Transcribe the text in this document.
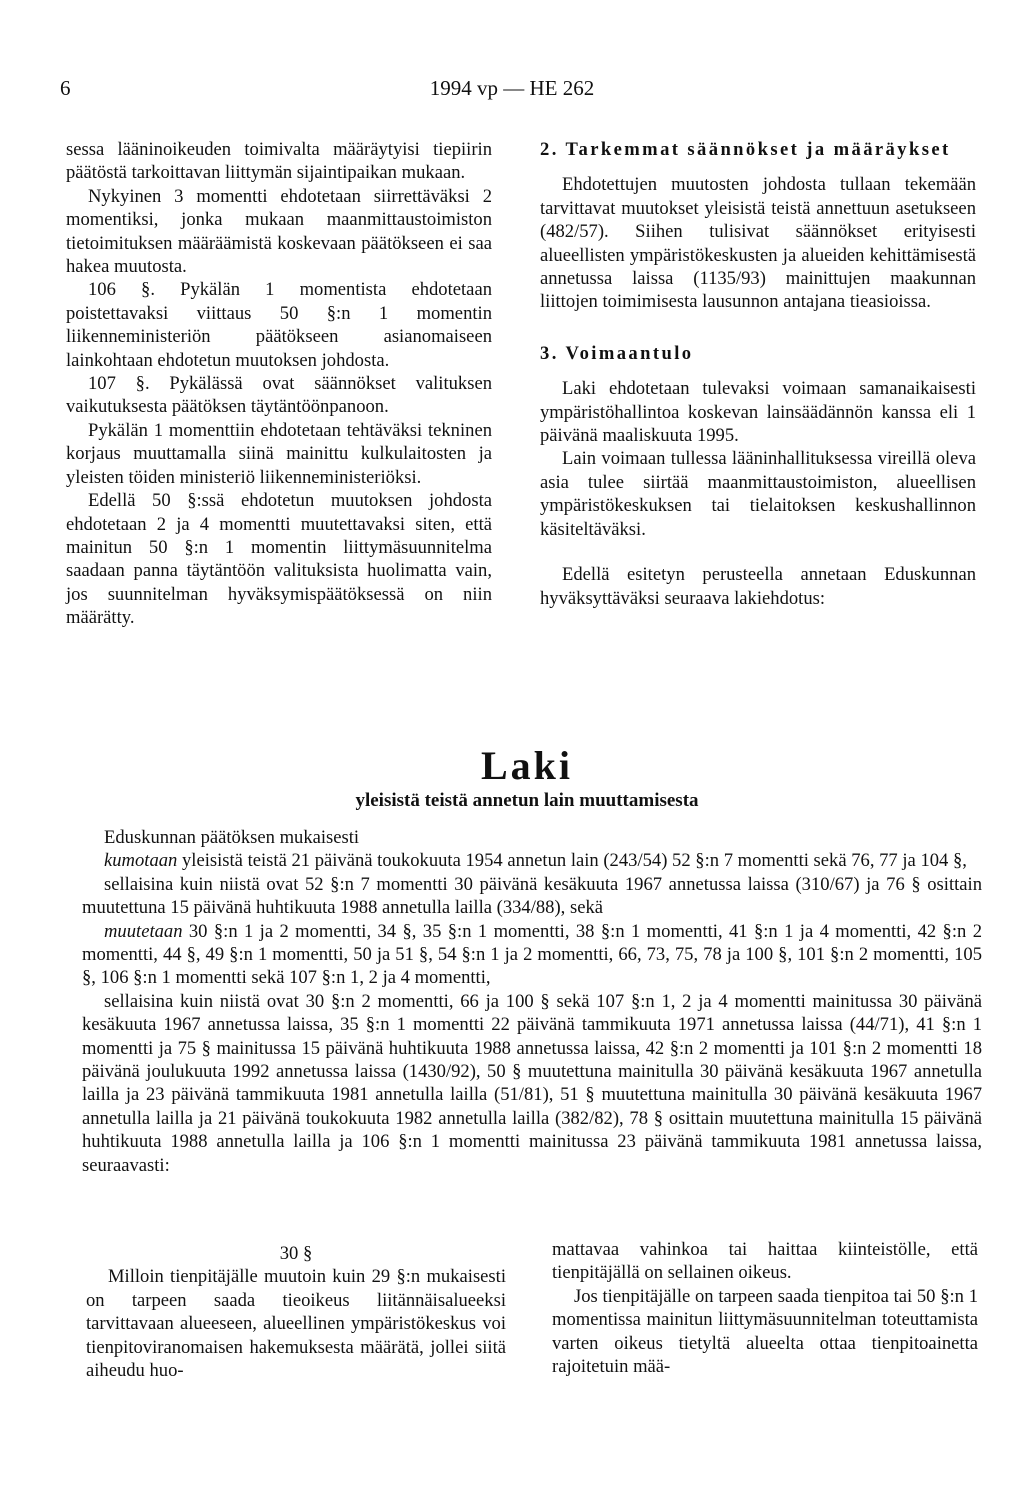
6	1994 vp — HE 262

sessa lääninoikeuden toimivalta määräytyisi tiepiirin päätöstä tarkoittavan liittymän sijaintipaikan mukaan.

Nykyinen 3 momentti ehdotetaan siirrettäväksi 2 momentiksi, jonka mukaan maanmittaustoimiston tietoimituksen määräämistä koskevaan päätökseen ei saa hakea muutosta.

106 §. Pykälän 1 momentista ehdotetaan poistettavaksi viittaus 50 §:n 1 momentin liikenneministeriön päätökseen asianomaiseen lainkohtaan ehdotetun muutoksen johdosta.

107 §. Pykälässä ovat säännökset valituksen vaikutuksesta päätöksen täytäntöönpanoon.

Pykälän 1 momenttiin ehdotetaan tehtäväksi tekninen korjaus muuttamalla siinä mainittu kulkulaitosten ja yleisten töiden ministeriö liikenneministeriöksi.

Edellä 50 §:ssä ehdotetun muutoksen johdosta ehdotetaan 2 ja 4 momentti muutettavaksi siten, että mainitun 50 §:n 1 momentin liittymäsuunnitelma saadaan panna täytäntöön valituksista huolimatta vain, jos suunnitelman hyväksymispäätöksessä on niin määrätty.

2. Tarkemmat säännökset ja määräykset

Ehdotettujen muutosten johdosta tullaan tekemään tarvittavat muutokset yleisistä teistä annettuun asetukseen (482/57). Siihen tulisivat säännökset erityisesti alueellisten ympäristökeskusten ja alueiden kehittämisestä annetussa laissa (1135/93) mainittujen maakunnan liittojen toimimisesta lausunnon antajana tieasioissa.

3. Voimaantulo

Laki ehdotetaan tulevaksi voimaan samanaikaisesti ympäristöhallintoa koskevan lainsäädännön kanssa eli 1 päivänä maaliskuuta 1995.

Lain voimaan tullessa lääninhallituksessa vireillä oleva asia tulee siirtää maanmittaustoimiston, alueellisen ympäristökeskuksen tai tielaitoksen keskushallinnon käsiteltäväksi.

Edellä esitetyn perusteella annetaan Eduskunnan hyväksyttäväksi seuraava lakiehdotus:

Laki
yleisistä teistä annetun lain muuttamisesta

Eduskunnan päätöksen mukaisesti

kumotaan yleisistä teistä 21 päivänä toukokuuta 1954 annetun lain (243/54) 52 §:n 7 momentti sekä 76, 77 ja 104 §,

sellaisina kuin niistä ovat 52 §:n 7 momentti 30 päivänä kesäkuuta 1967 annetussa laissa (310/67) ja 76 § osittain muutettuna 15 päivänä huhtikuuta 1988 annetulla lailla (334/88), sekä

muutetaan 30 §:n 1 ja 2 momentti, 34 §, 35 §:n 1 momentti, 38 §:n 1 momentti, 41 §:n 1 ja 4 momentti, 42 §:n 2 momentti, 44 §, 49 §:n 1 momentti, 50 ja 51 §, 54 §:n 1 ja 2 momentti, 66, 73, 75, 78 ja 100 §, 101 §:n 2 momentti, 105 §, 106 §:n 1 momentti sekä 107 §:n 1, 2 ja 4 momentti,

sellaisina kuin niistä ovat 30 §:n 2 momentti, 66 ja 100 § sekä 107 §:n 1, 2 ja 4 momentti mainitussa 30 päivänä kesäkuuta 1967 annetussa laissa, 35 §:n 1 momentti 22 päivänä tammikuuta 1971 annetussa laissa (44/71), 41 §:n 1 momentti ja 75 § mainitussa 15 päivänä huhtikuuta 1988 annetussa laissa, 42 §:n 2 momentti ja 101 §:n 2 momentti 18 päivänä joulukuuta 1992 annetussa laissa (1430/92), 50 § muutettuna mainitulla 30 päivänä kesäkuuta 1967 annetulla lailla ja 23 päivänä tammikuuta 1981 annetulla lailla (51/81), 51 § muutettuna mainitulla 30 päivänä kesäkuuta 1967 annetulla lailla ja 21 päivänä toukokuuta 1982 annetulla lailla (382/82), 78 § osittain muutettuna mainitulla 15 päivänä huhtikuuta 1988 annetulla lailla ja 106 §:n 1 momentti mainitussa 23 päivänä tammikuuta 1981 annetussa laissa, seuraavasti:

30 §

Milloin tienpitäjälle muutoin kuin 29 §:n mukaisesti on tarpeen saada tieoikeus liitännäisalueeksi tarvittavaan alueeseen, alueellinen ympäristökeskus voi tienpitoviranomaisen hakemuksesta määrätä, jollei siitä aiheudu huo-

mattavaa vahinkoa tai haittaa kiinteistölle, että tienpitäjällä on sellainen oikeus.

Jos tienpitäjälle on tarpeen saada tienpitoa tai 50 §:n 1 momentissa mainitun liittymäsuunnitelman toteuttamista varten oikeus tietyltä alueelta ottaa tienpitoainetta rajoitetuin mää-
